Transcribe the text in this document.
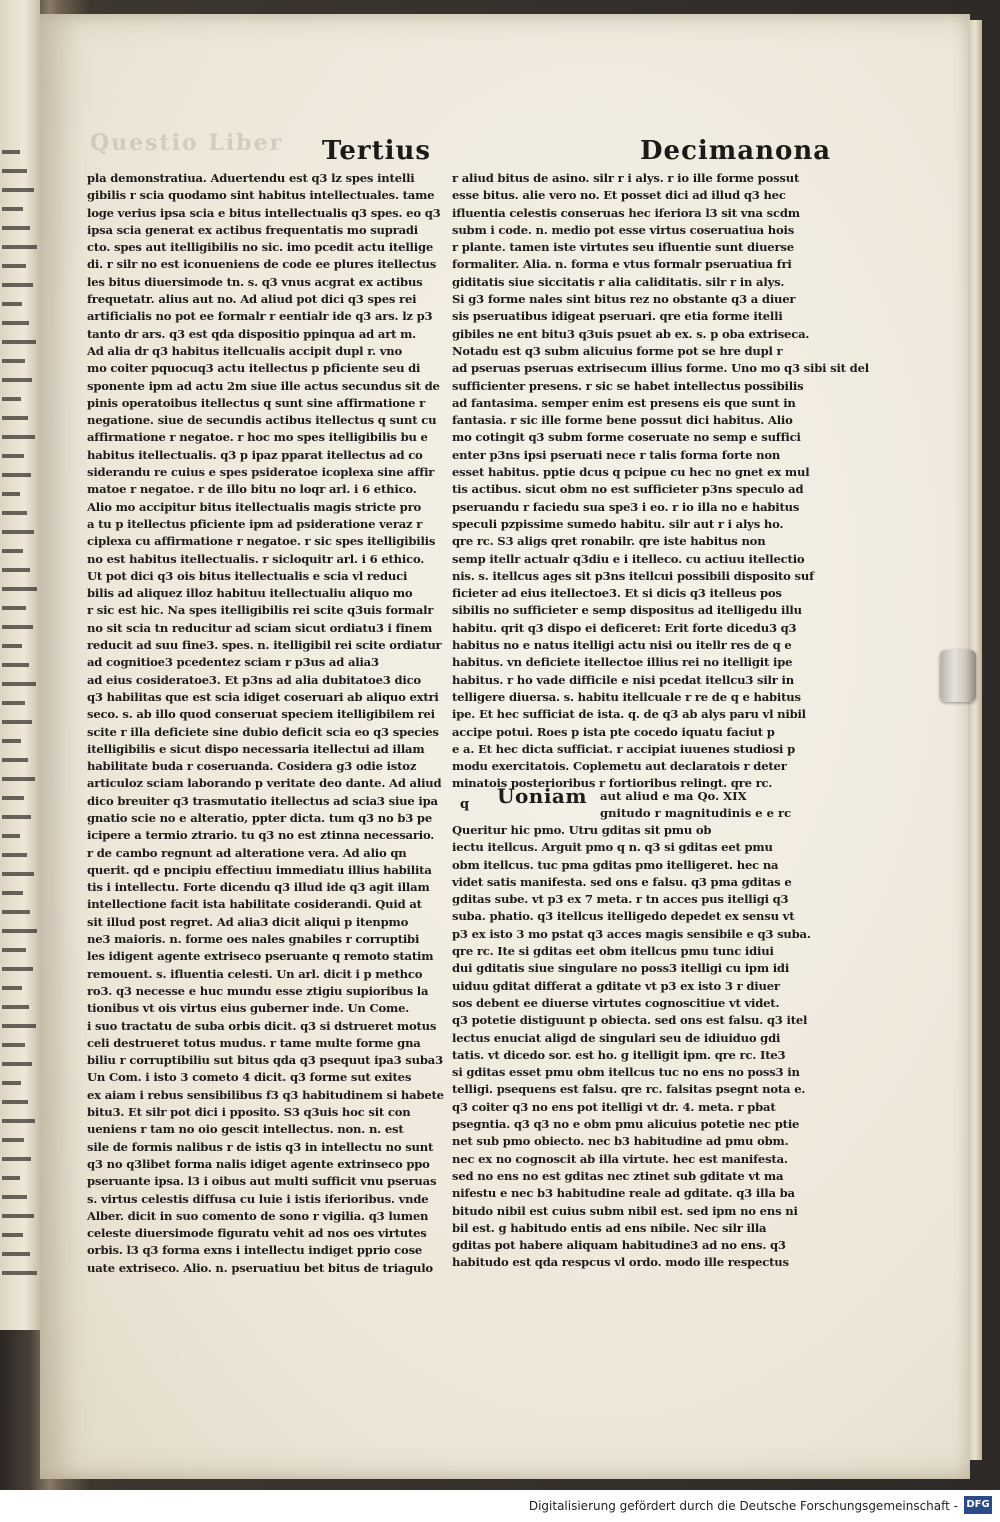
Questio Liber Tertius	Decimanona
pla demonstratiua. Aduertendu est q3 lz spes intelli
gibilis r scia quodamo sint habitus intellectuales. tame
loge verius ipsa scia e bitus intellectualis q3 spes. eo q3
ipsa scia generat ex actibus frequentatis mo supradi
cto. spes aut itelligibilis no sic. imo pcedit actu itellige
di. r silr no est iconueniens de code ee plures itellectus
les bitus diuersimode tn. s. q3 vnus acgrat ex actibus
frequetatr. alius aut no. Ad aliud pot dici q3 spes rei
artificialis no pot ee formalr r eentialr ide q3 ars. lz p3
tanto dr ars. q3 est qda dispositio ppinqua ad art m.
Ad alia dr q3 habitus itellcualis accipit dupl r. vno
mo coiter pquocuq3 actu itellectus p pficiente seu di
sponente ipm ad actu 2m siue ille actus secundus sit de
pinis operatoibus itellectus q sunt sine affirmatione r
negatione. siue de secundis actibus itellectus q sunt cu
affirmatione r negatoe. r hoc mo spes itelligibilis bu e
habitus itellectualis. q3 p ipaz pparat itellectus ad co
siderandu re cuius e spes psideratoe icoplexa sine affir
matoe r negatoe. r de illo bitu no loqr arl. i 6 ethico.
Alio mo accipitur bitus itellectualis magis stricte pro
a tu p itellectus pficiente ipm ad psideratione veraz r
ciplexa cu affirmatione r negatoe. r sic spes itelligibilis
no est habitus itellectualis. r sicloquitr arl. i 6 ethico.
Ut pot dici q3 ois bitus itellectualis e scia vl reduci
bilis ad aliquez illoz habituu itellectualiu aliquo mo
r sic est hic. Na spes itelligibilis rei scite q3uis formalr
no sit scia tn reducitur ad sciam sicut ordiatu3 i finem
reducit ad suu fine3. spes. n. itelligibil rei scite ordiatur
ad cognitioe3 pcedentez sciam r p3us ad alia3
ad eius cosideratoe3. Et p3ns ad alia dubitatoe3 dico
q3 habilitas que est scia idiget coseruari ab aliquo extri
seco. s. ab illo quod conseruat speciem itelligibilem rei
scite r illa deficiete sine dubio deficit scia eo q3 species
itelligibilis e sicut dispo necessaria itellectui ad illam
habilitate buda r coseruanda. Cosidera g3 odie istoz
articuloz sciam laborando p veritate deo dante. Ad aliud
dico breuiter q3 trasmutatio itellectus ad scia3 siue ipa
gnatio scie no e alteratio, ppter dicta. tum q3 no b3 pe
icipere a termio ztrario. tu q3 no est ztinna necessario.
r de cambo regnunt ad alteratione vera. Ad alio qn
querit. qd e pncipiu effectiuu immediatu illius habilita
tis i intellectu. Forte dicendu q3 illud ide q3 agit illam
intellectione facit ista habilitate cosiderandi. Quid at
sit illud post regret. Ad alia3 dicit aliqui p itenpmo
ne3 maioris. n. forme oes nales gnabiles r corruptibi
les idigent agente extriseco pseruante q remoto statim
remouent. s. ifluentia celesti. Un arl. dicit i p methco
ro3. q3 necesse e huc mundu esse ztigiu supioribus la
tionibus vt ois virtus eius guberner inde. Un Come.
i suo tractatu de suba orbis dicit. q3 si dstrueret motus
celi destrueret totus mudus. r tame multe forme gna
biliu r corruptibiliu sut bitus qda q3 psequut ipa3 suba3
Un Com. i isto 3 cometo 4 dicit. q3 forme sut exites
ex aiam i rebus sensibilibus f3 q3 habitudinem si habete
bitu3. Et silr pot dici i pposito. S3 q3uis hoc sit con
ueniens r tam no oio gescit intellectus. non. n. est
sile de formis nalibus r de istis q3 in intellectu no sunt
q3 no q3libet forma nalis idiget agente extrinseco ppo
pseruante ipsa. l3 i oibus aut multi sufficit vnu pseruas
s. virtus celestis diffusa cu luie i istis iferioribus. vnde
Alber. dicit in suo comento de sono r vigilia. q3 lumen
celeste diuersimode figuratu vehit ad nos oes virtutes
orbis. l3 q3 forma exns i intellectu indiget pprio cose
uate extriseco. Alio. n. pseruatiuu bet bitus de triagulo
r aliud bitus de asino. silr r i alys. r io ille forme possut
esse bitus. alie vero no. Et posset dici ad illud q3 hec
ifluentia celestis conseruas hec iferiora l3 sit vna scdm
subm i code. n. medio pot esse virtus coseruatiua hois
r plante. tamen iste virtutes seu ifluentie sunt diuerse
formaliter. Alia. n. forma e vtus formalr pseruatiua fri
giditatis siue siccitatis r alia caliditatis. silr r in alys.
Si g3 forme nales sint bitus rez no obstante q3 a diuer
sis pseruatibus idigeat pseruari. qre etia forme itelli
gibiles ne ent bitu3 q3uis psuet ab ex. s. p oba extriseca.
Notadu est q3 subm alicuius forme pot se hre dupl r
ad pseruas pseruas extrisecum illius forme. Uno mo q3 sibi sit del
sufficienter presens. r sic se habet intellectus possibilis
ad fantasima. semper enim est presens eis que sunt in
fantasia. r sic ille forme bene possut dici habitus. Alio
mo cotingit q3 subm forme coseruate no semp e suffici
enter p3ns ipsi pseruati nece r talis forma forte non
esset habitus. pptie dcus q pcipue cu hec no gnet ex mul
tis actibus. sicut obm no est sufficieter p3ns speculo ad
pseruandu r faciedu sua spe3 i eo. r io illa no e habitus
speculi pzpissime sumedo habitu. silr aut r i alys ho.
qre rc. S3 aligs qret ronabilr. qre iste habitus non
semp itellr actualr q3diu e i itelleco. cu actiuu itellectio
nis. s. itellcus ages sit p3ns itellcui possibili disposito suf
ficieter ad eius itellectoe3. Et si dicis q3 itelleus pos
sibilis no sufficieter e semp dispositus ad itelligedu illu
habitu. qrit q3 dispo ei deficeret: Erit forte dicedu3 q3
habitus no e natus itelligi actu nisi ou itellr res de q e
habitus. vn deficiete itellectoe illius rei no itelligit ipe
habitus. r ho vade difficile e nisi pcedat itellcu3 silr in
telligere diuersa. s. habitu itellcuale r re de q e habitus
ipe. Et hec sufficiat de ista. q. de q3 ab alys paru vl nibil
accipe potui. Roes p ista pte cocedo iquatu faciut p
e a. Et hec dicta sufficiat. r accipiat iuuenes studiosi p
modu exercitatois. Coplemetu aut declaratois r deter
minatois posterioribus r fortioribus relingt. qre rc.
q Uoniam aut aliud e ma Qo. XIX
gnitudo r magnitudinis e e rc
Queritur hic pmo. Utru gditas sit pmu ob
iectu itellcus. Arguit pmo q n. q3 si gditas eet pmu
obm itellcus. tuc pma gditas pmo itelligeret. hec na
videt satis manifesta. sed ons e falsu. q3 pma gditas e
gditas sube. vt p3 ex 7 meta. r tn acces pus itelligi q3
suba. phatio. q3 itellcus itelligedo depedet ex sensu vt
p3 ex isto 3 mo pstat q3 acces magis sensibile e q3 suba.
qre rc. Ite si gditas eet obm itellcus pmu tunc idiui
dui gditatis siue singulare no poss3 itelligi cu ipm idi
uiduu gditat differat a gditate vt p3 ex isto 3 r diuer
sos debent ee diuerse virtutes cognoscitiue vt videt.
q3 potetie distiguunt p obiecta. sed ons est falsu. q3 itel
lectus enuciat aligd de singulari seu de idiuiduo gdi
tatis. vt dicedo sor. est ho. g itelligit ipm. qre rc. Ite3
si gditas esset pmu obm itellcus tuc no ens no poss3 in
telligi. psequens est falsu. qre rc. falsitas psegnt nota e.
q3 coiter q3 no ens pot itelligi vt dr. 4. meta. r pbat
psegntia. q3 q3 no e obm pmu alicuius potetie nec ptie
net sub pmo obiecto. nec b3 habitudine ad pmu obm.
nec ex no cognoscit ab illa virtute. hec est manifesta.
sed no ens no est gditas nec ztinet sub gditate vt ma
nifestu e nec b3 habitudine reale ad gditate. q3 illa ba
bitudo nibil est cuius subm nibil est. sed ipm no ens ni
bil est. g habitudo entis ad ens nibile. Nec silr illa
gditas pot habere aliquam habitudine3 ad no ens. q3
habitudo est qda respcus vl ordo. modo ille respectus
Digitalisierung gefördert durch die Deutsche Forschungsgemeinschaft - DFG
